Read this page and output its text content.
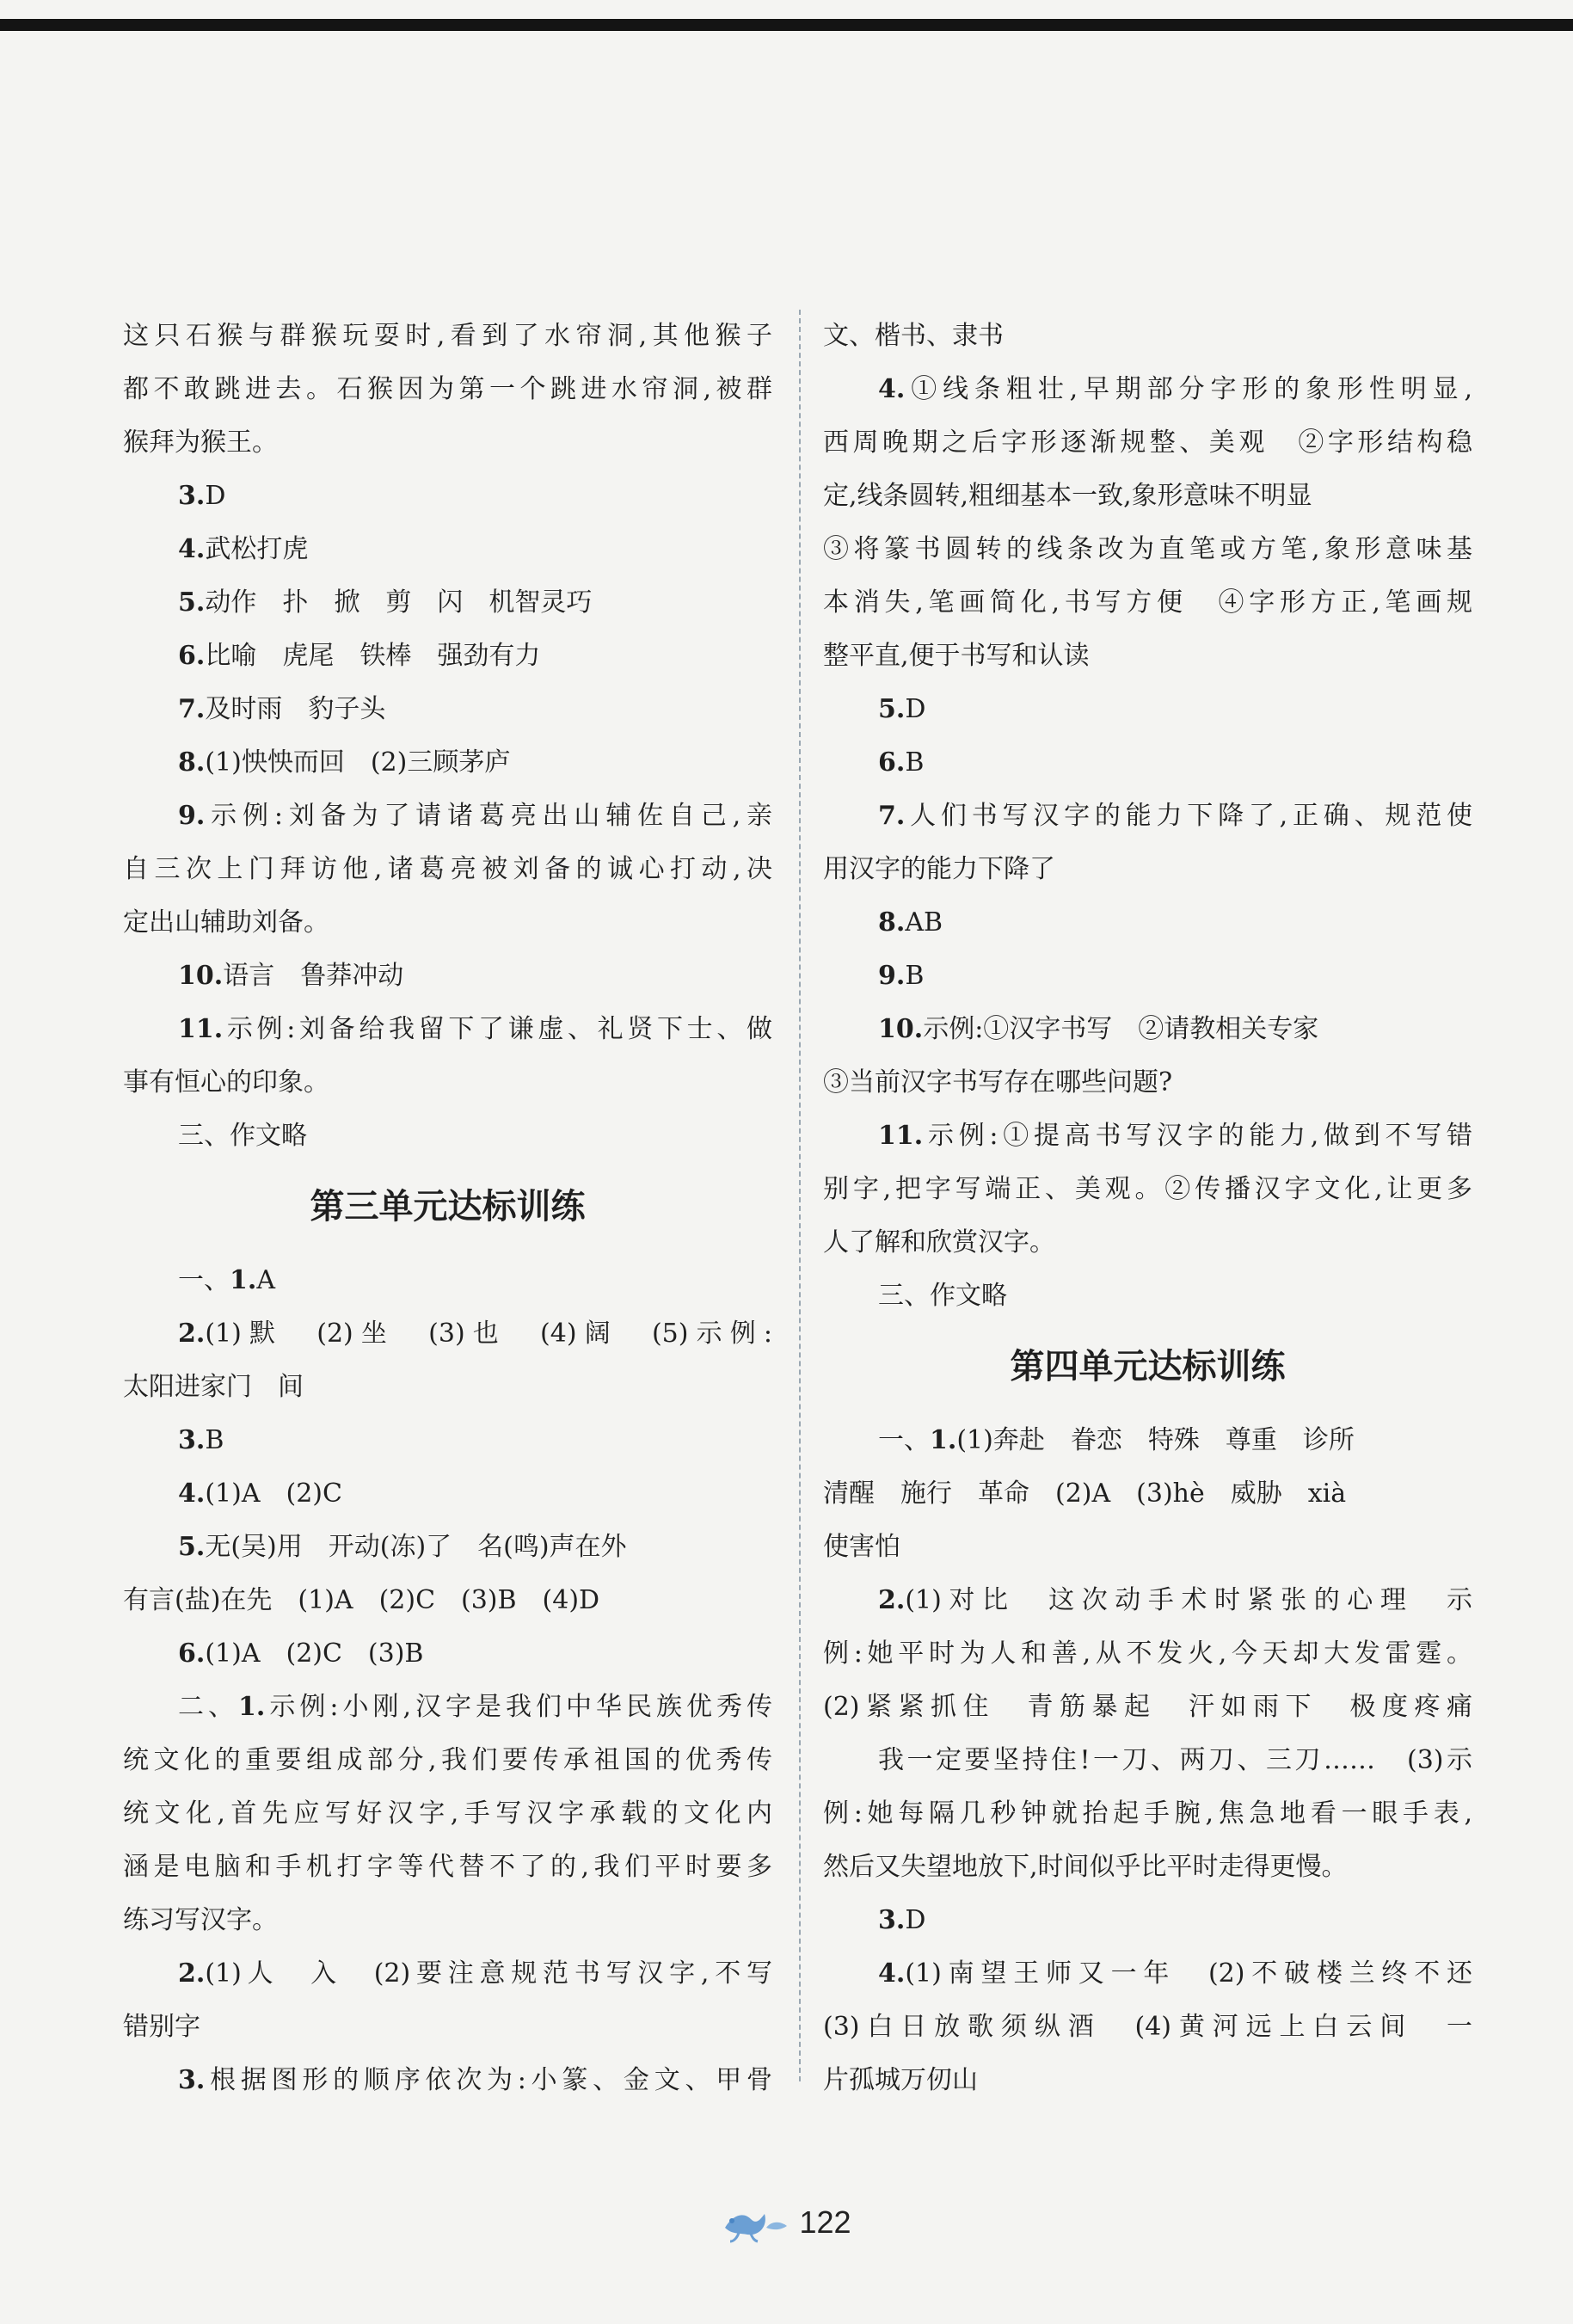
这只石猴与群猴玩耍时,看到了水帘洞,其他猴子
都不敢跳进去。石猴因为第一个跳进水帘洞,被群
猴拜为猴王。
3.D
4.武松打虎
5.动作　扑　掀　剪　闪　机智灵巧
6.比喻　虎尾　铁棒　强劲有力
7.及时雨　豹子头
8.(1)怏怏而回　(2)三顾茅庐
9.示例:刘备为了请诸葛亮出山辅佐自己,亲
自三次上门拜访他,诸葛亮被刘备的诚心打动,决
定出山辅助刘备。
10.语言　鲁莽冲动
11.示例:刘备给我留下了谦虚、礼贤下士、做
事有恒心的印象。
三、作文略
第三单元达标训练
一、1.A
2.(1)默　(2)坐　(3)也　(4)阔　(5)示例:
太阳进家门　间
3.B
4.(1)A　(2)C
5.无(吴)用　开动(冻)了　名(鸣)声在外
有言(盐)在先　(1)A　(2)C　(3)B　(4)D
6.(1)A　(2)C　(3)B
二、1.示例:小刚,汉字是我们中华民族优秀传
统文化的重要组成部分,我们要传承祖国的优秀传
统文化,首先应写好汉字,手写汉字承载的文化内
涵是电脑和手机打字等代替不了的,我们平时要多
练习写汉字。
2.(1)人　入　(2)要注意规范书写汉字,不写
错别字
3.根据图形的顺序依次为:小篆、金文、甲骨
文、楷书、隶书
4.①线条粗壮,早期部分字形的象形性明显,
西周晚期之后字形逐渐规整、美观　②字形结构稳
定,线条圆转,粗细基本一致,象形意味不明显
③将篆书圆转的线条改为直笔或方笔,象形意味基
本消失,笔画简化,书写方便　④字形方正,笔画规
整平直,便于书写和认读
5.D
6.B
7.人们书写汉字的能力下降了,正确、规范使
用汉字的能力下降了
8.AB
9.B
10.示例:①汉字书写　②请教相关专家
③当前汉字书写存在哪些问题?
11.示例:①提高书写汉字的能力,做到不写错
别字,把字写端正、美观。②传播汉字文化,让更多
人了解和欣赏汉字。
三、作文略
第四单元达标训练
一、1.(1)奔赴　眷恋　特殊　尊重　诊所
清醒　施行　革命　(2)A　(3)hè　威胁　xià
使害怕
2.(1)对比　这次动手术时紧张的心理　示
例:她平时为人和善,从不发火,今天却大发雷霆。
(2)紧紧抓住　青筋暴起　汗如雨下　极度疼痛
我一定要坚持住!一刀、两刀、三刀……　(3)示
例:她每隔几秒钟就抬起手腕,焦急地看一眼手表,
然后又失望地放下,时间似乎比平时走得更慢。
3.D
4.(1)南望王师又一年　(2)不破楼兰终不还
(3)白日放歌须纵酒　(4)黄河远上白云间　一
片孤城万仞山
122
